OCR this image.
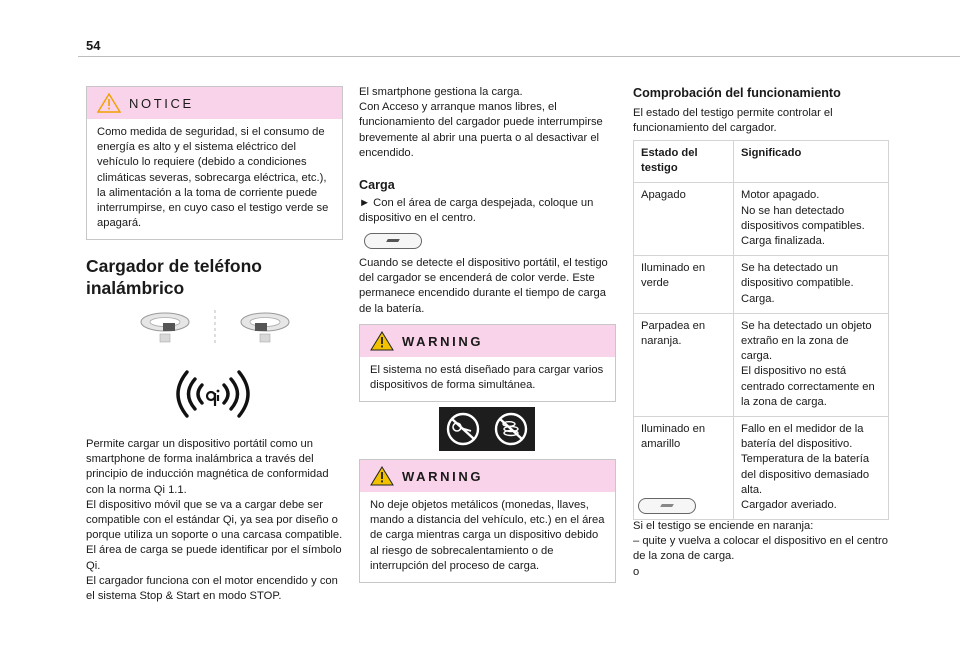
54
NOTICE
Como medida de seguridad, si el consumo de energía es alto y el sistema eléctrico del vehículo lo requiere (debido a condiciones climáticas severas, sobrecarga eléctrica, etc.), la alimentación a la toma de corriente puede interrumpirse, en cuyo caso el testigo verde se apagará.
Cargador de teléfono
inalámbrico

Permite cargar un dispositivo portátil como un smartphone de forma inalámbrica a través del principio de inducción magnética de conformidad con la norma Qi 1.1.

El dispositivo móvil que se va a cargar debe ser compatible con el estándar Qi, ya sea por diseño o porque utiliza un soporte o una carcasa compatible.

El área de carga se puede identificar por el símbolo Qi.

El cargador funciona con el motor encendido y con el sistema Stop & Start en modo STOP.

El smartphone gestiona la carga.

Con Acceso y arranque manos libres, el funcionamiento del cargador puede interrumpirse brevemente al abrir una puerta o al desactivar el encendido.

Carga

► Con el área de carga despejada, coloque un dispositivo en el centro.

Cuando se detecte el dispositivo portátil, el testigo del cargador se encenderá de color verde. Este permanece encendido durante el tiempo de carga de la batería.

WARNING
El sistema no está diseñado para cargar varios dispositivos de forma simultánea.
WARNING
No deje objetos metálicos (monedas, llaves, mando a distancia del vehículo, etc.) en el área de carga mientras carga un dispositivo debido al riesgo de sobrecalentamiento o de interrupción del proceso de carga.
Comprobación del funcionamiento

El estado del testigo permite controlar el funcionamiento del cargador.

Estado del testigo	Significado
Apagado	Motor apagado.
No se han detectado dispositivos compatibles.
Carga finalizada.

Iluminado en verde	Se ha detectado un dispositivo compatible.
Carga.

Parpadea en naranja.	Se ha detectado un objeto extraño en la zona de carga.
El dispositivo no está centrado correctamente en la zona de carga.

Iluminado en amarillo	Fallo en el medidor de la batería del dispositivo.
Temperatura de la batería del dispositivo demasiado alta.
Cargador averiado.

Si el testigo se enciende en naranja:

– quite y vuelva a colocar el dispositivo en el centro de la zona de carga.

o
